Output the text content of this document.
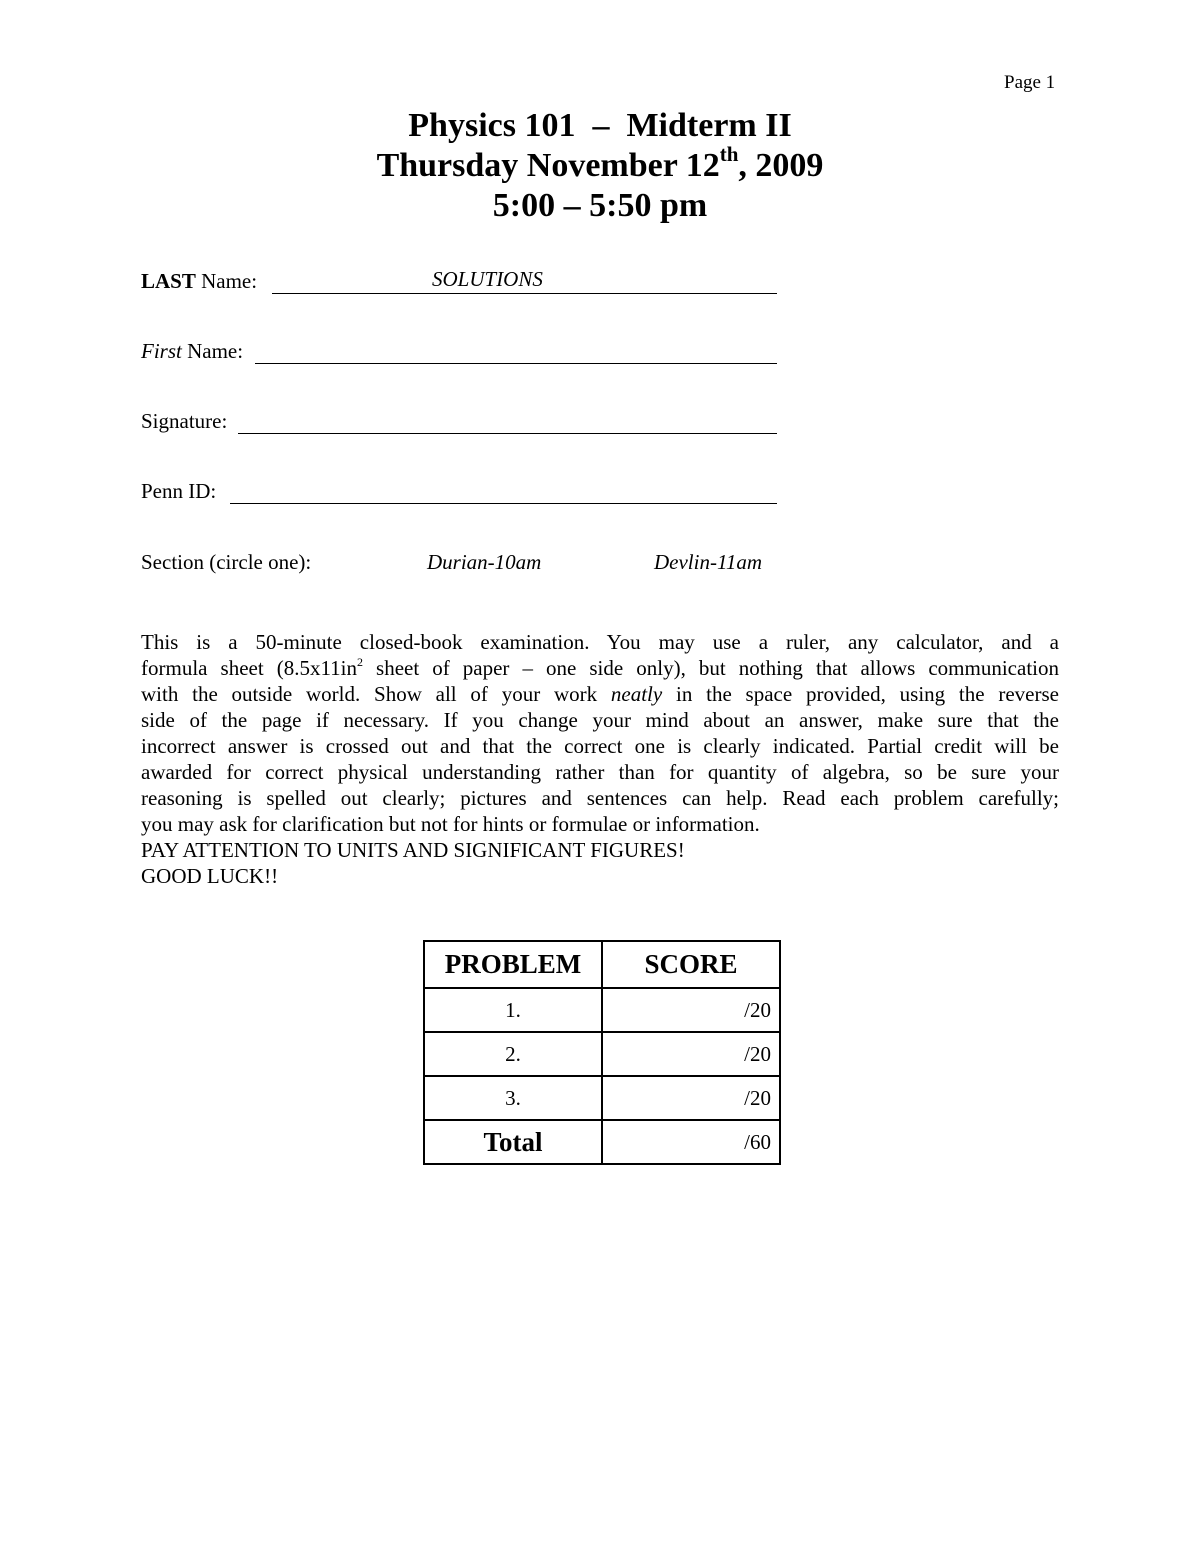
Page 1
Physics 101  –  Midterm II
Thursday November 12th, 2009
5:00 – 5:50 pm
LAST Name:	SOLUTIONS
First Name:
Signature:
Penn ID:
Section (circle one):	Durian-10am	Devlin-11am
This is a 50-minute closed-book examination. You may use a ruler, any calculator, and a
formula sheet ($8.5x11in^2$ sheet of paper – one side only), but nothing that allows communication
with the outside world. Show all of your work neatly in the space provided, using the reverse
side of the page if necessary. If you change your mind about an answer, make sure that the
incorrect answer is crossed out and that the correct one is clearly indicated. Partial credit will be
awarded for correct physical understanding rather than for quantity of algebra, so be sure your
reasoning is spelled out clearly; pictures and sentences can help. Read each problem carefully;
you may ask for clarification but not for hints or formulae or information.
PAY ATTENTION TO UNITS AND SIGNIFICANT FIGURES!
GOOD LUCK!!
PROBLEM	SCORE
1.	/20
2.	/20
3.	/20
Total	/60
